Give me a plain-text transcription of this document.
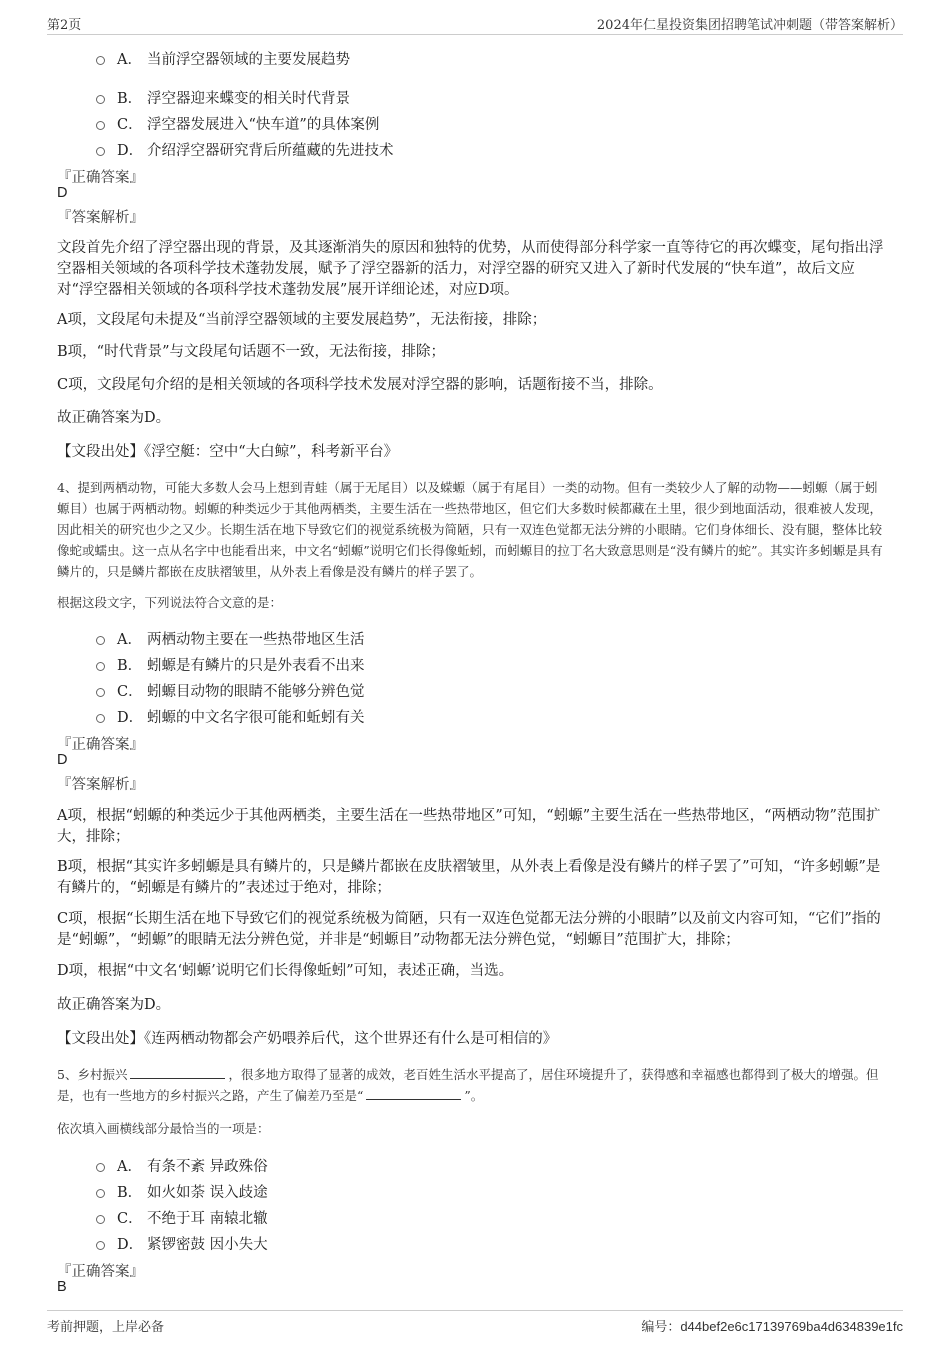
第2页	2024年仁星投资集团招聘笔试冲刺题（带答案解析）
A． 当前浮空器领域的主要发展趋势
B． 浮空器迎来蝶变的相关时代背景
C． 浮空器发展进入“快车道”的具体案例
D． 介绍浮空器研究背后所蕴藏的先进技术
『正确答案』
D
『答案解析』
文段首先介绍了浮空器出现的背景，及其逐渐消失的原因和独特的优势，从而使得部分科学家一直等待它的再次蝶变，尾句指出浮空器相关领域的各项科学技术蓬勃发展，赋予了浮空器新的活力，对浮空器的研究又进入了新时代发展的“快车道”，故后文应对“浮空器相关领域的各项科学技术蓬勃发展”展开详细论述，对应D项。
A项，文段尾句未提及“当前浮空器领域的主要发展趋势”，无法衔接，排除；
B项，“时代背景”与文段尾句话题不一致，无法衔接，排除；
C项，文段尾句介绍的是相关领域的各项科学技术发展对浮空器的影响，话题衔接不当，排除。
故正确答案为D。
【文段出处】《浮空艇：空中“大白鲸”，科考新平台》
4、提到两栖动物，可能大多数人会马上想到青蛙（属于无尾目）以及蝾螈（属于有尾目）一类的动物。但有一类较少人了解的动物——蚓螈（属于蚓螈目）也属于两栖动物。蚓螈的种类远少于其他两栖类，主要生活在一些热带地区，但它们大多数时候都藏在土里，很少到地面活动，很难被人发现，因此相关的研究也少之又少。长期生活在地下导致它们的视觉系统极为简陋，只有一双连色觉都无法分辨的小眼睛。它们身体细长、没有腿，整体比较像蛇或蠕虫。这一点从名字中也能看出来，中文名“蚓螈”说明它们长得像蚯蚓，而蚓螈目的拉丁名大致意思则是“没有鳞片的蛇”。其实许多蚓螈是具有鳞片的，只是鳞片都嵌在皮肤褶皱里，从外表上看像是没有鳞片的样子罢了。
根据这段文字，下列说法符合文意的是：
A． 两栖动物主要在一些热带地区生活
B． 蚓螈是有鳞片的只是外表看不出来
C． 蚓螈目动物的眼睛不能够分辨色觉
D． 蚓螈的中文名字很可能和蚯蚓有关
『正确答案』
D
『答案解析』
A项，根据“蚓螈的种类远少于其他两栖类，主要生活在一些热带地区”可知，“蚓螈”主要生活在一些热带地区，“两栖动物”范围扩大，排除；
B项，根据“其实许多蚓螈是具有鳞片的，只是鳞片都嵌在皮肤褶皱里，从外表上看像是没有鳞片的样子罢了”可知，“许多蚓螈”是有鳞片的，“蚓螈是有鳞片的”表述过于绝对，排除；
C项，根据“长期生活在地下导致它们的视觉系统极为简陋，只有一双连色觉都无法分辨的小眼睛”以及前文内容可知，“它们”指的是“蚓螈”，“蚓螈”的眼睛无法分辨色觉，并非是“蚓螈目”动物都无法分辨色觉，“蚓螈目”范围扩大，排除；
D项，根据“中文名‘蚓螈’说明它们长得像蚯蚓”可知，表述正确，当选。
故正确答案为D。
【文段出处】《连两栖动物都会产奶喂养后代，这个世界还有什么是可相信的》
5、乡村振兴	，很多地方取得了显著的成效，老百姓生活水平提高了，居住环境提升了，获得感和幸福感也都得到了极大的增强。但是，也有一些地方的乡村振兴之路，产生了偏差乃至是“	”。
依次填入画横线部分最恰当的一项是：
A． 有条不紊 异政殊俗
B． 如火如荼 误入歧途
C． 不绝于耳 南辕北辙
D． 紧锣密鼓 因小失大
『正确答案』
B
考前押题，上岸必备	编号：d44bef2e6c17139769ba4d634839e1fc
